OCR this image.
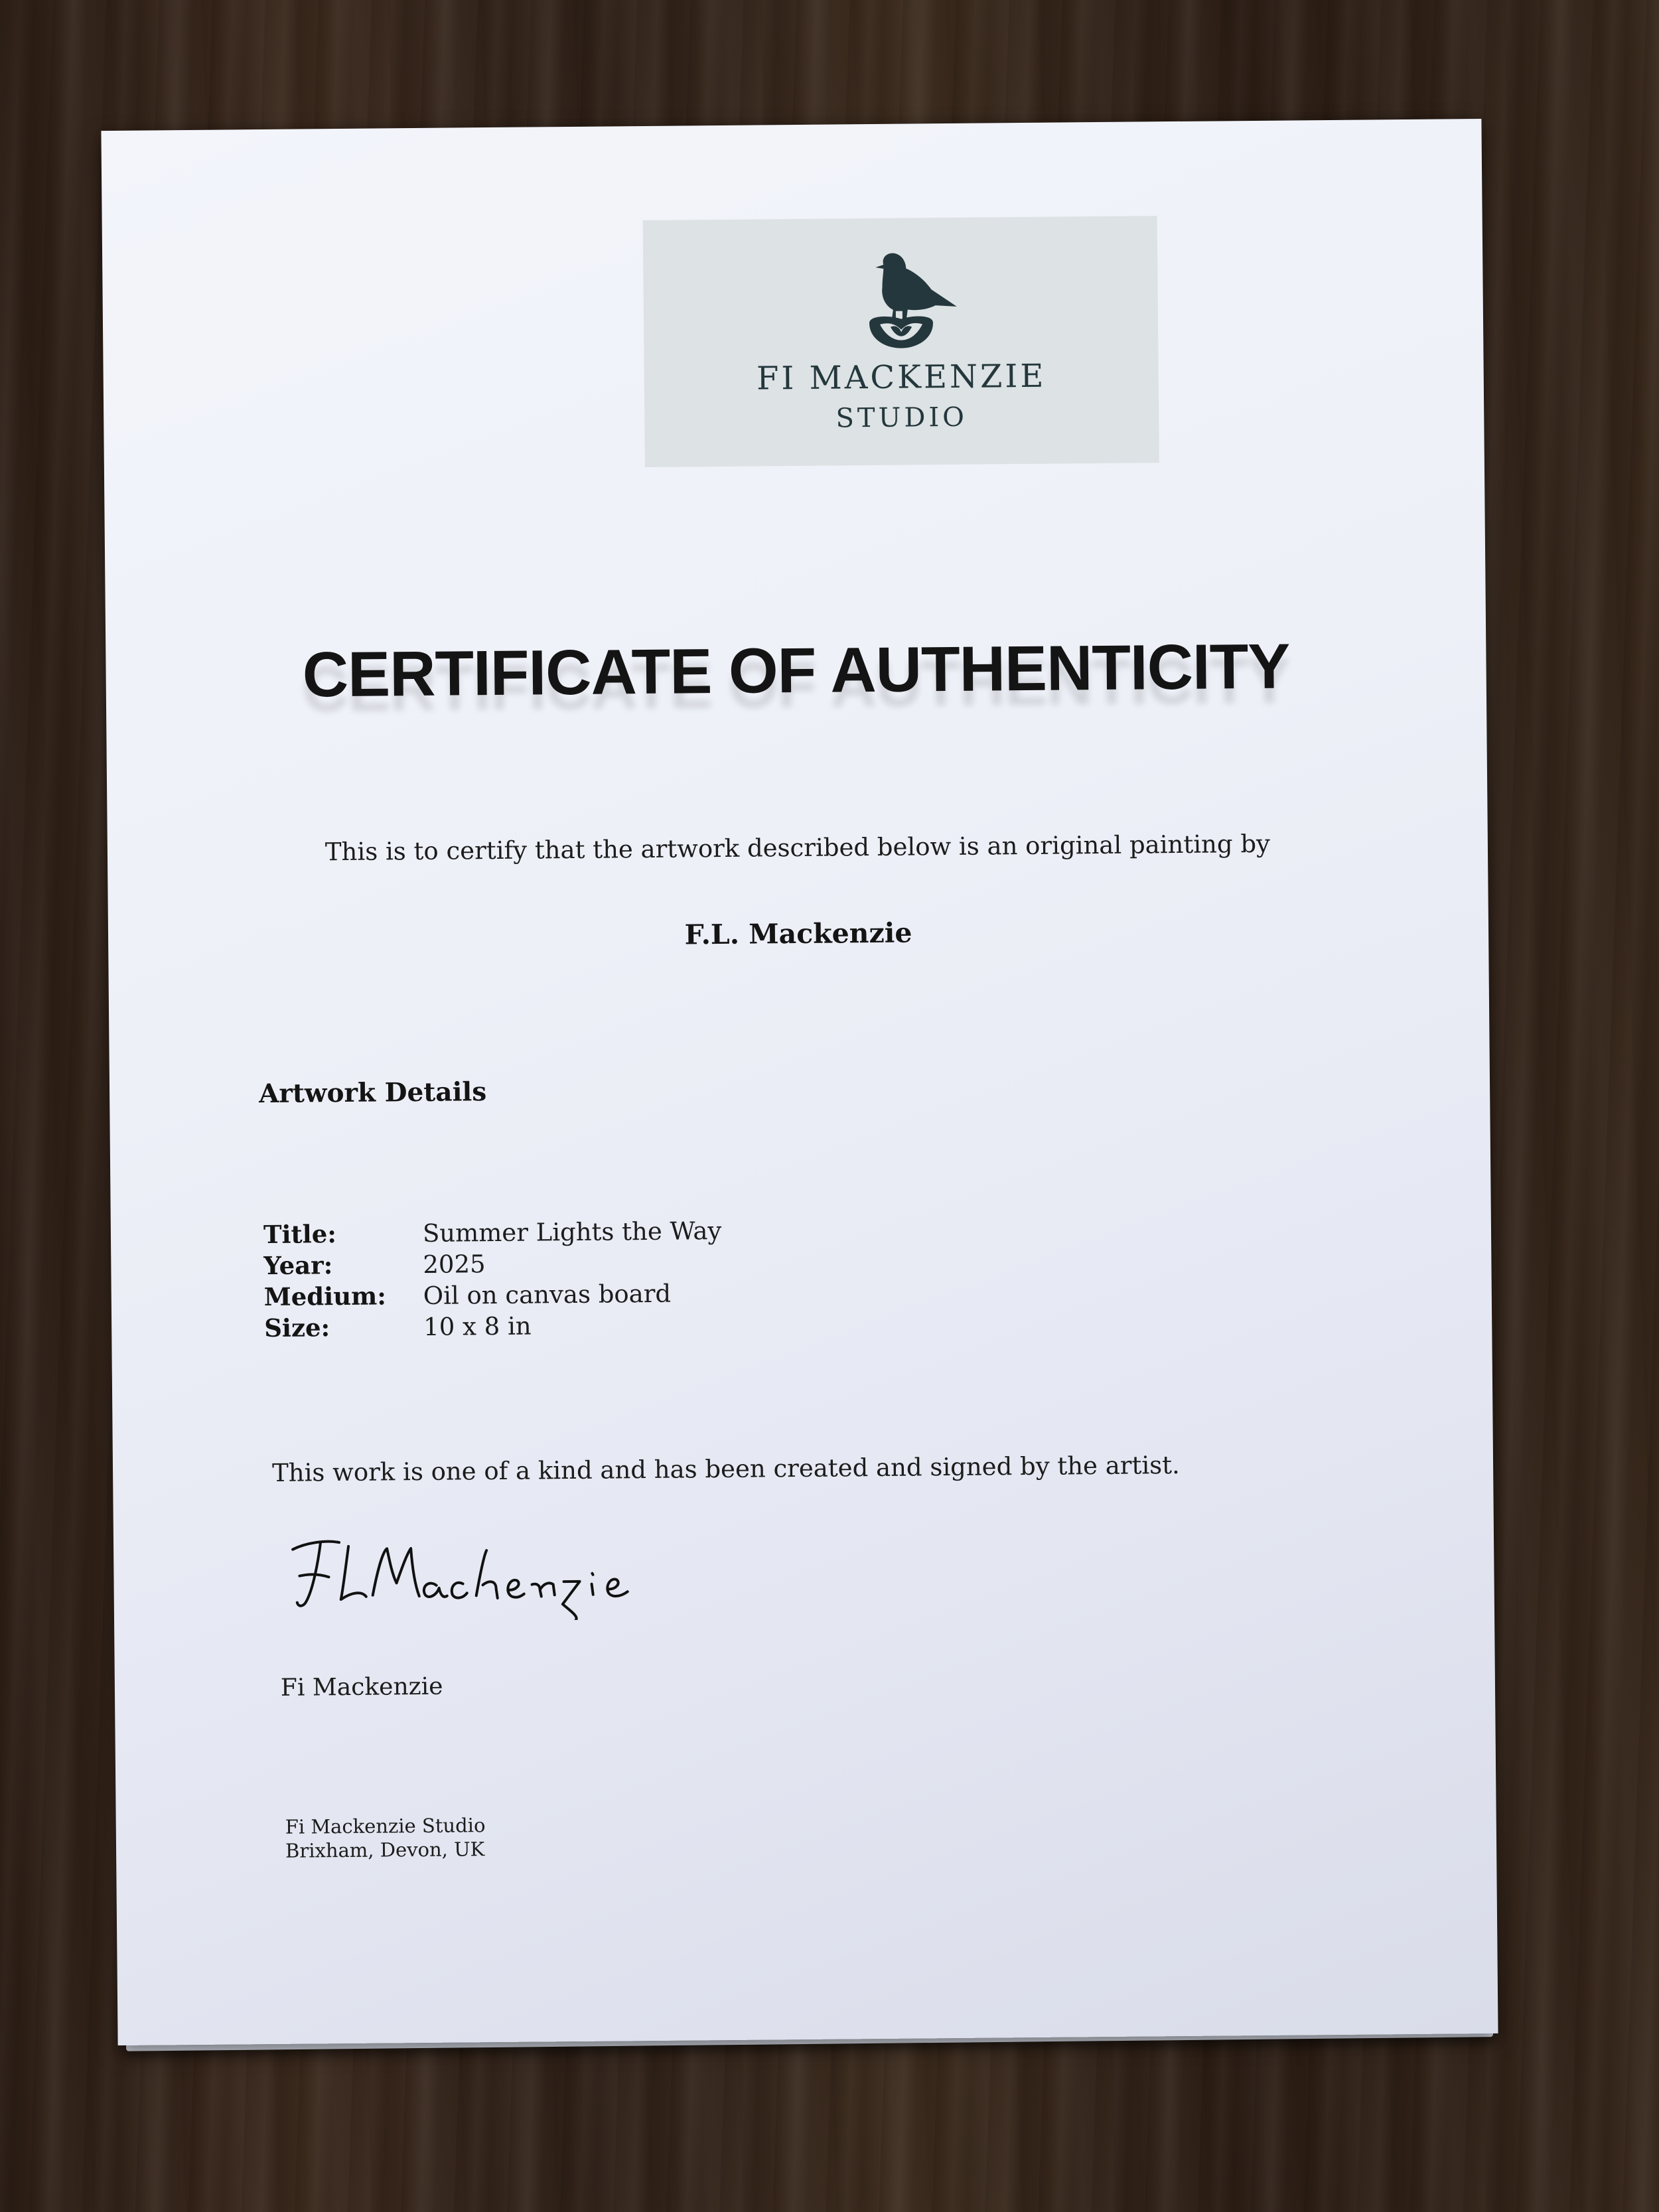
FI MACKENZIE
STUDIO
CERTIFICATE OF AUTHENTICITY
This is to certify that the artwork described below is an original painting by
F.L. Mackenzie
Artwork Details
Title:	Summer Lights the Way
Year:	2025
Medium:	Oil on canvas board
Size:	10 x 8 in
This work is one of a kind and has been created and signed by the artist.
Fi Mackenzie
Fi Mackenzie Studio
Brixham, Devon, UK
